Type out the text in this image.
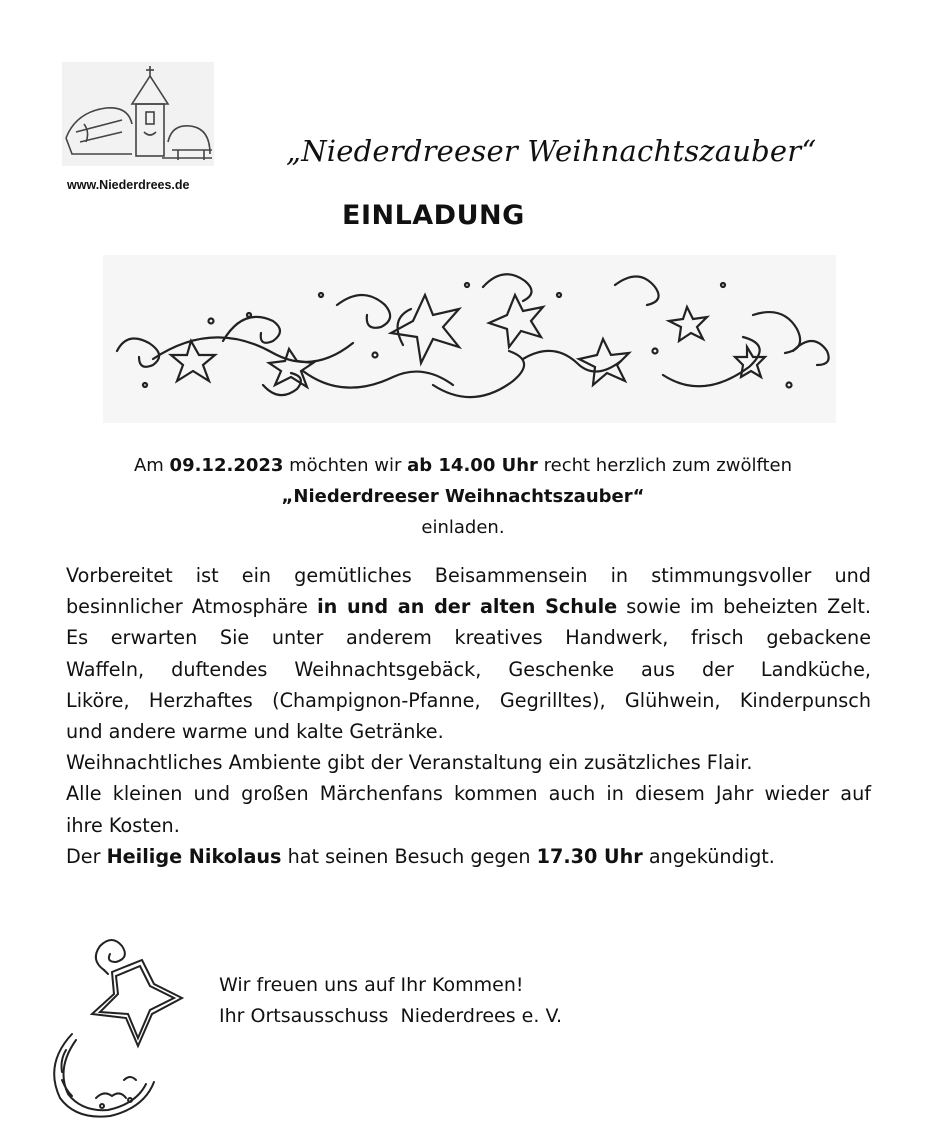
www.Niederdrees.de
„Niederdreeser Weihnachtszauber“
EINLADUNG

Am 09.12.2023 möchten wir ab 14.00 Uhr recht herzlich zum zwölften

„Niederdreeser Weihnachtszauber“

einladen.

Vorbereitet ist ein gemütliches Beisammensein in stimmungsvoller und

besinnlicher Atmosphäre in und an der alten Schule sowie im beheizten Zelt.

Es erwarten Sie unter anderem kreatives Handwerk, frisch gebackene

Waffeln, duftendes Weihnachtsgebäck, Geschenke aus der Landküche,

Liköre, Herzhaftes (Champignon-Pfanne, Gegrilltes), Glühwein, Kinderpunsch

und andere warme und kalte Getränke.

Weihnachtliches Ambiente gibt der Veranstaltung ein zusätzliches Flair.

Alle kleinen und großen Märchenfans kommen auch in diesem Jahr wieder auf

ihre Kosten.

Der Heilige Nikolaus hat seinen Besuch gegen 17.30 Uhr angekündigt.

Wir freuen uns auf Ihr Kommen!

Ihr Ortsausschuss  Niederdrees e. V.
